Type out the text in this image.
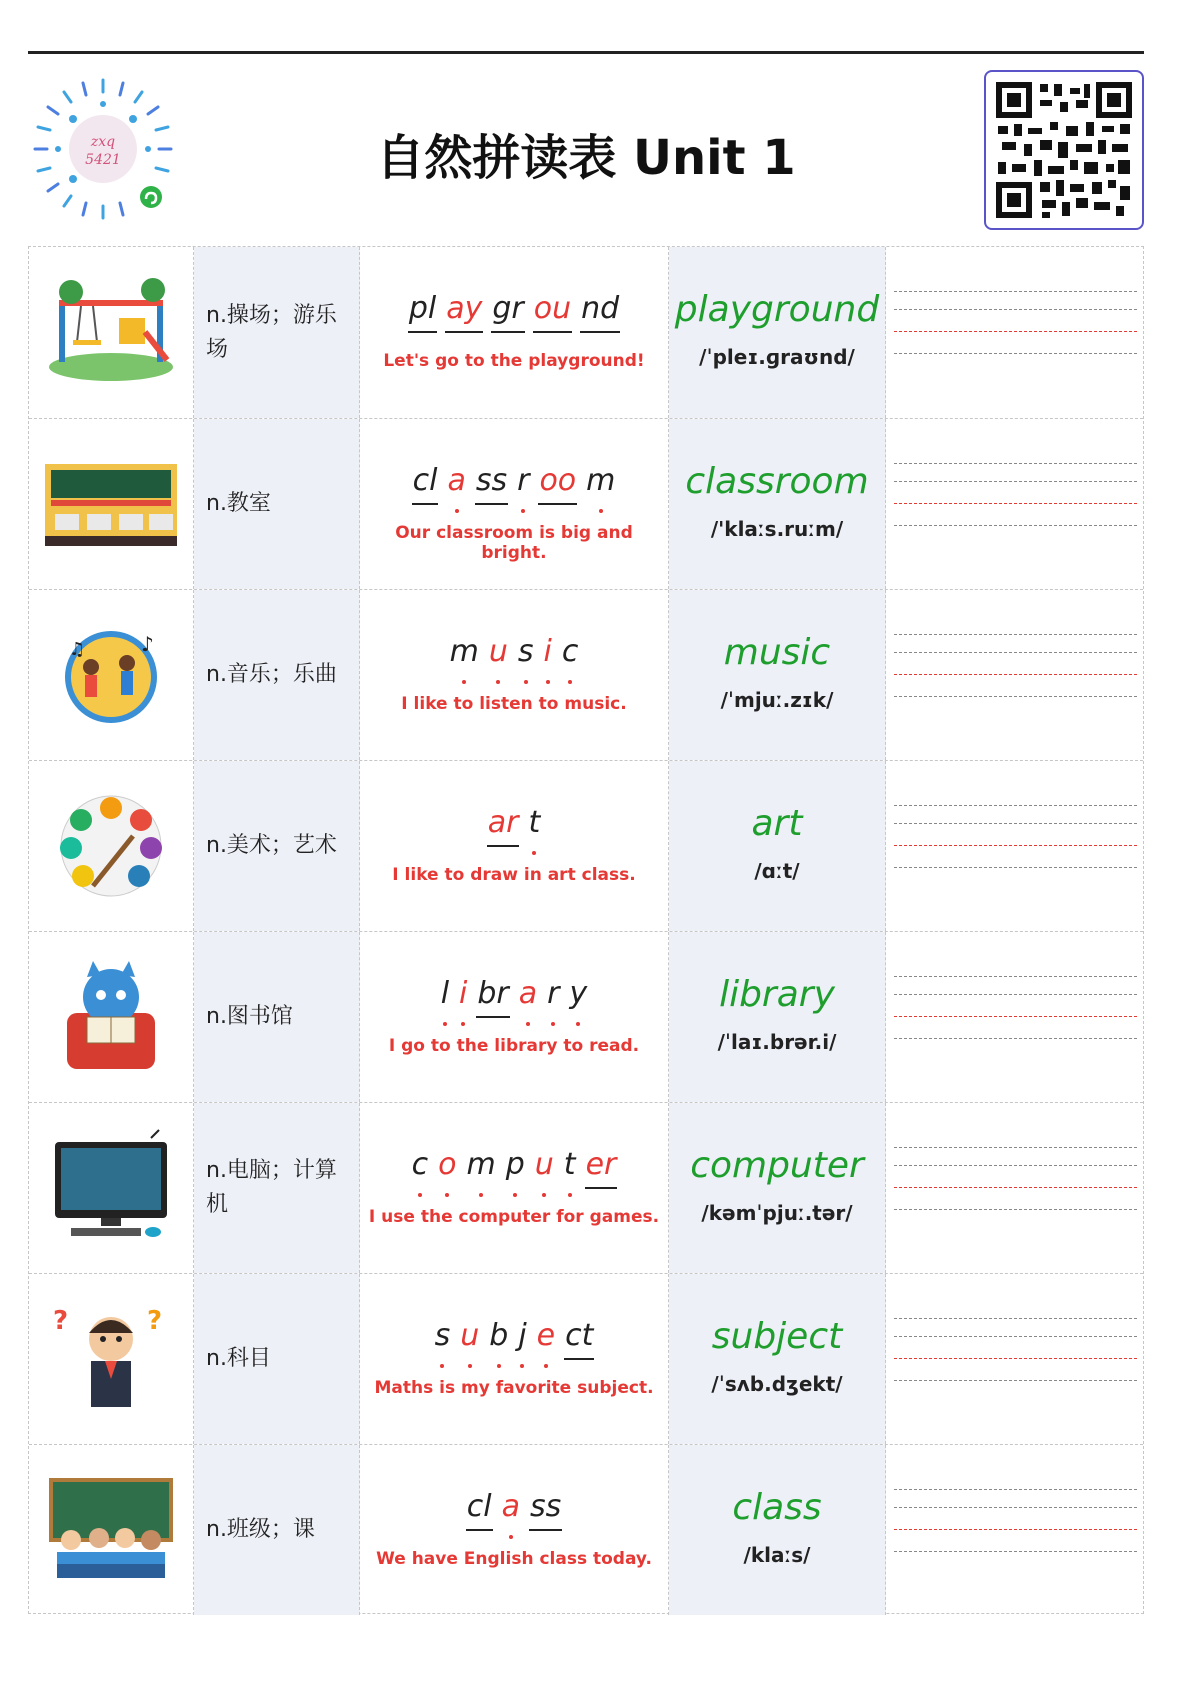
zxq
5421	自然拼读表 Unit 1
n.操场；游乐场
pl ay gr ou nd
Let's go to the playground!
playground
/ˈpleɪ.ɡraʊnd/
n.教室
cl a ss r oo m
Our classroom is big and bright.
classroom
/'klaːs.ruːm/
♪
♫
n.音乐；乐曲
m u s i c
I like to listen to music.
music
/ˈmjuː.zɪk/
n.美术；艺术
ar t
I like to draw in art class.
art
/ɑːt/
n.图书馆
l i br a r y
I go to the library to read.
library
/ˈlaɪ.brər.i/
n.电脑；计算机
c o m p u t er
I use the computer for games.
computer
/kəmˈpjuː.tər/
?	?
n.科目
s u b j e ct
Maths is my favorite subject.
subject
/ˈsʌb.dʒekt/
n.班级；课
cl a ss
We have English class today.
class
/klaːs/
